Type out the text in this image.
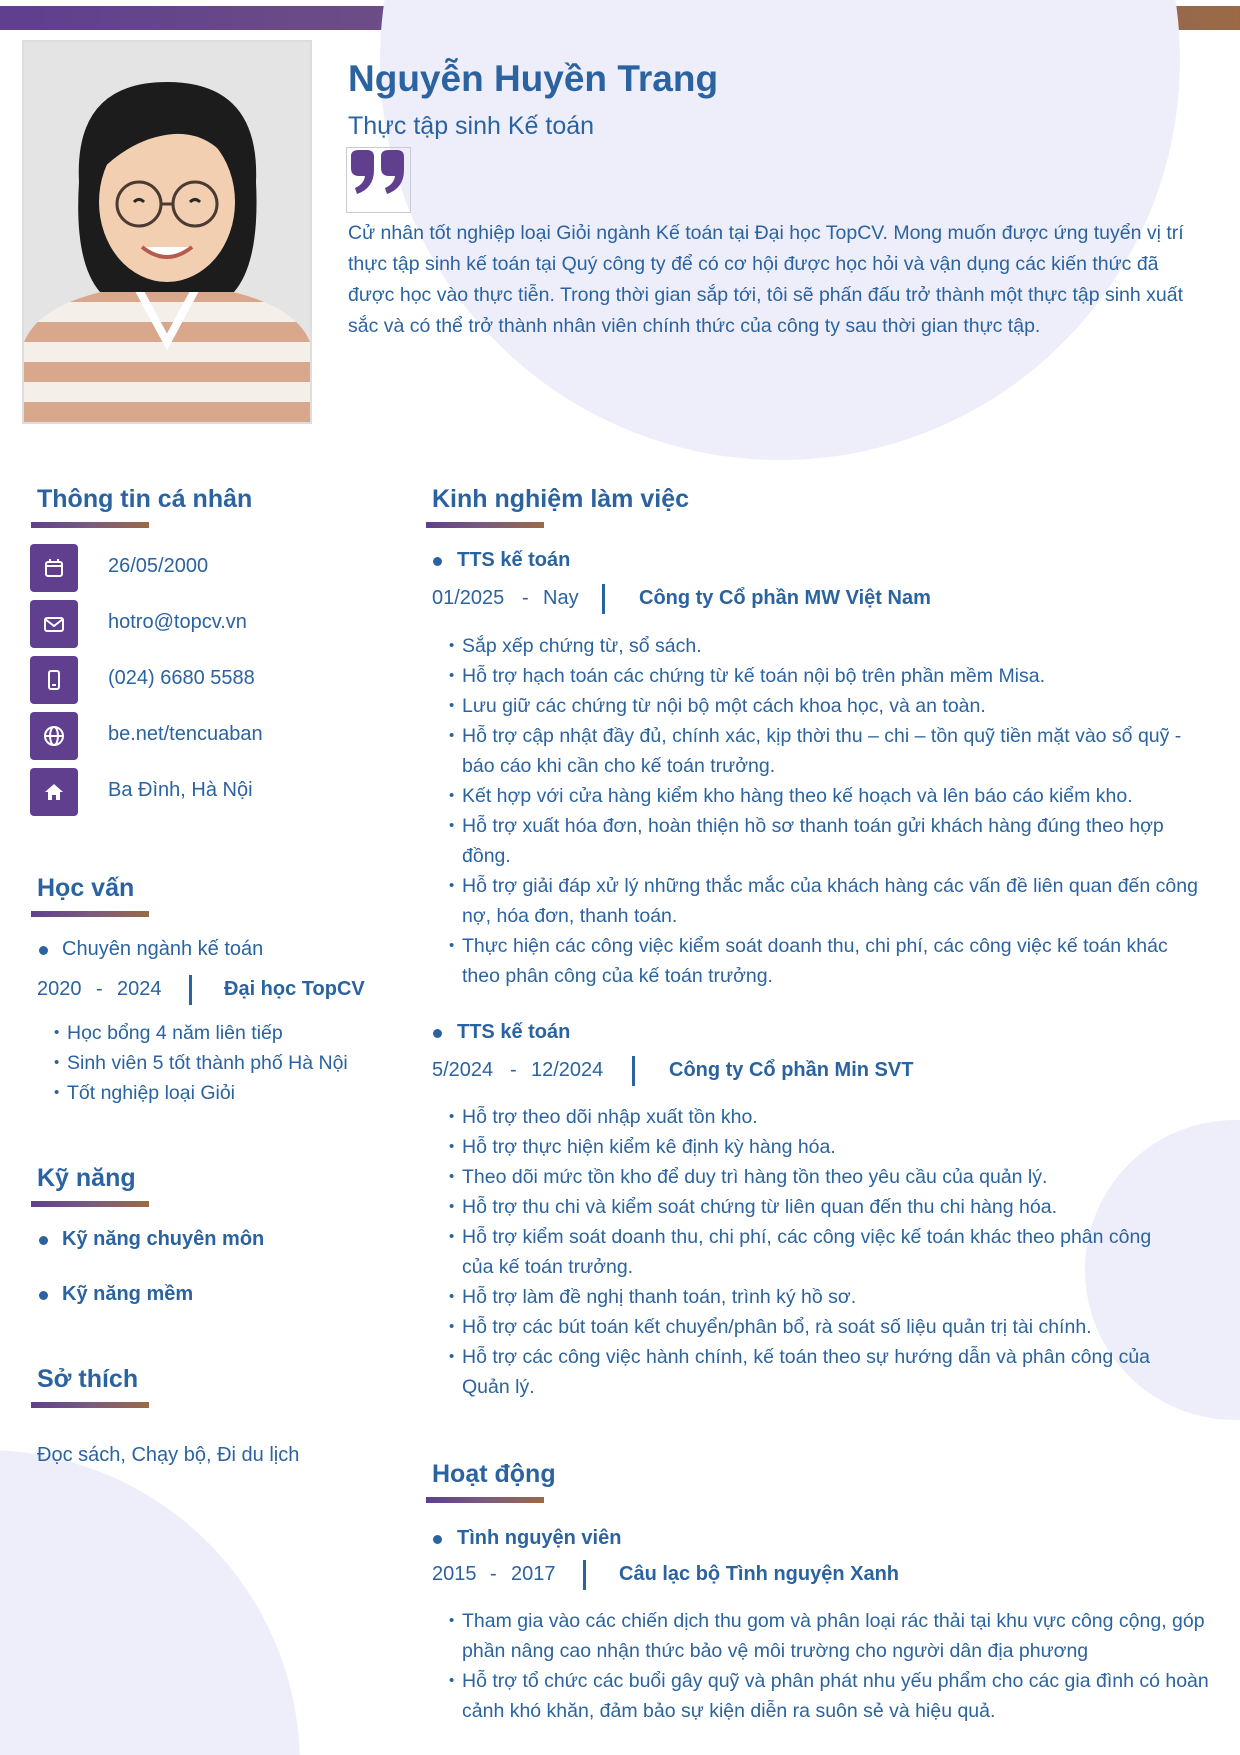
Nguyễn Huyền Trang
Thực tập sinh Kế toán
Cử nhân tốt nghiệp loại Giỏi ngành Kế toán tại Đại học TopCV. Mong muốn được ứng tuyển vị trí thực tập sinh kế toán tại Quý công ty để có cơ hội được học hỏi và vận dụng các kiến thức đã được học vào thực tiễn. Trong thời gian sắp tới, tôi sẽ phấn đấu trở thành một thực tập sinh xuất sắc và có thể trở thành nhân viên chính thức của công ty sau thời gian thực tập.
Thông tin cá nhân
26/05/2000
hotro@topcv.vn
(024) 6680 5588
be.net/tencuaban
Ba Đình, Hà Nội
Học vấn
Chuyên ngành kế toán
2020 - 2024	Đại học TopCV
• Học bổng 4 năm liên tiếp
• Sinh viên 5 tốt thành phố Hà Nội
• Tốt nghiệp loại Giỏi
Kỹ năng
Kỹ năng chuyên môn
Kỹ năng mềm
Sở thích
Đọc sách, Chạy bộ, Đi du lịch
Kinh nghiệm làm việc
TTS kế toán
01/2025 - Nay	Công ty Cổ phần MW Việt Nam
• Sắp xếp chứng từ, sổ sách.
• Hỗ trợ hạch toán các chứng từ kế toán nội bộ trên phần mềm Misa.
• Lưu giữ các chứng từ nội bộ một cách khoa học, và an toàn.
• Hỗ trợ cập nhật đầy đủ, chính xác, kịp thời thu – chi – tồn quỹ tiền mặt vào sổ quỹ - báo cáo khi cần cho kế toán trưởng.
• Kết hợp với cửa hàng kiểm kho hàng theo kế hoạch và lên báo cáo kiểm kho.
• Hỗ trợ xuất hóa đơn, hoàn thiện hồ sơ thanh toán gửi khách hàng đúng theo hợp đồng.
• Hỗ trợ giải đáp xử lý những thắc mắc của khách hàng các vấn đề liên quan đến công nợ, hóa đơn, thanh toán.
• Thực hiện các công việc kiểm soát doanh thu, chi phí, các công việc kế toán khác theo phân công của kế toán trưởng.
TTS kế toán
5/2024 - 12/2024	Công ty Cổ phần Min SVT
• Hỗ trợ theo dõi nhập xuất tồn kho.
• Hỗ trợ thực hiện kiểm kê định kỳ hàng hóa.
• Theo dõi mức tồn kho để duy trì hàng tồn theo yêu cầu của quản lý.
• Hỗ trợ thu chi và kiểm soát chứng từ liên quan đến thu chi hàng hóa.
• Hỗ trợ kiểm soát doanh thu, chi phí, các công việc kế toán khác theo phân công của kế toán trưởng.
• Hỗ trợ làm đề nghị thanh toán, trình ký hồ sơ.
• Hỗ trợ các bút toán kết chuyển/phân bổ, rà soát số liệu quản trị tài chính.
• Hỗ trợ các công việc hành chính, kế toán theo sự hướng dẫn và phân công của Quản lý.
Hoạt động
Tình nguyện viên
2015 - 2017	Câu lạc bộ Tình nguyện Xanh
• Tham gia vào các chiến dịch thu gom và phân loại rác thải tại khu vực công cộng, góp phần nâng cao nhận thức bảo vệ môi trường cho người dân địa phương
• Hỗ trợ tổ chức các buổi gây quỹ và phân phát nhu yếu phẩm cho các gia đình có hoàn cảnh khó khăn, đảm bảo sự kiện diễn ra suôn sẻ và hiệu quả.
